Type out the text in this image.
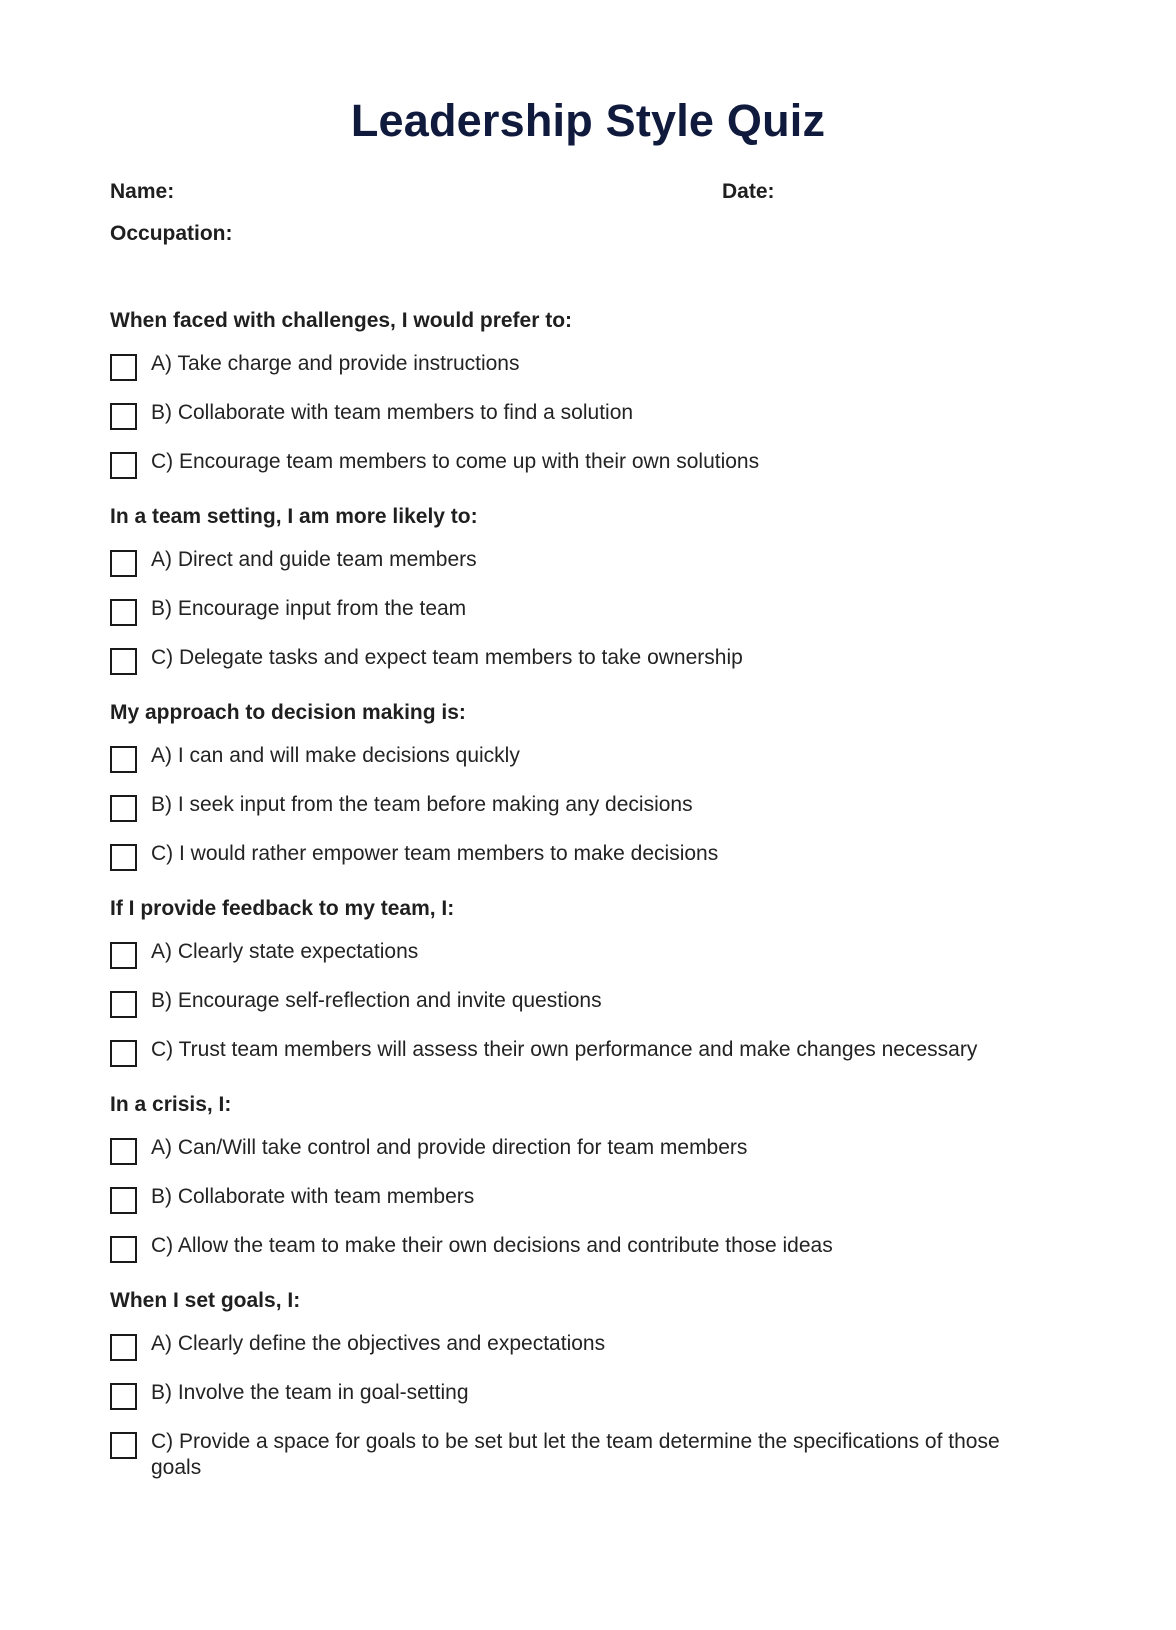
Leadership Style Quiz
Name:	Date:
Occupation:
When faced with challenges, I would prefer to:
A) Take charge and provide instructions
B) Collaborate with team members to find a solution
C) Encourage team members to come up with their own solutions
In a team setting, I am more likely to:
A) Direct and guide team members
B) Encourage input from the team
C) Delegate tasks and expect team members to take ownership
My approach to decision making is:
A) I can and will make decisions quickly
B) I seek input from the team before making any decisions
C) I would rather empower team members to make decisions
If I provide feedback to my team, I:
A) Clearly state expectations
B) Encourage self-reflection and invite questions
C) Trust team members will assess their own performance and make changes necessary
In a crisis, I:
A) Can/Will take control and provide direction for team members
B) Collaborate with team members
C) Allow the team to make their own decisions and contribute those ideas
When I set goals, I:
A) Clearly define the objectives and expectations
B) Involve the team in goal-setting
C) Provide a space for goals to be set but let the team determine the specifications of those goals
